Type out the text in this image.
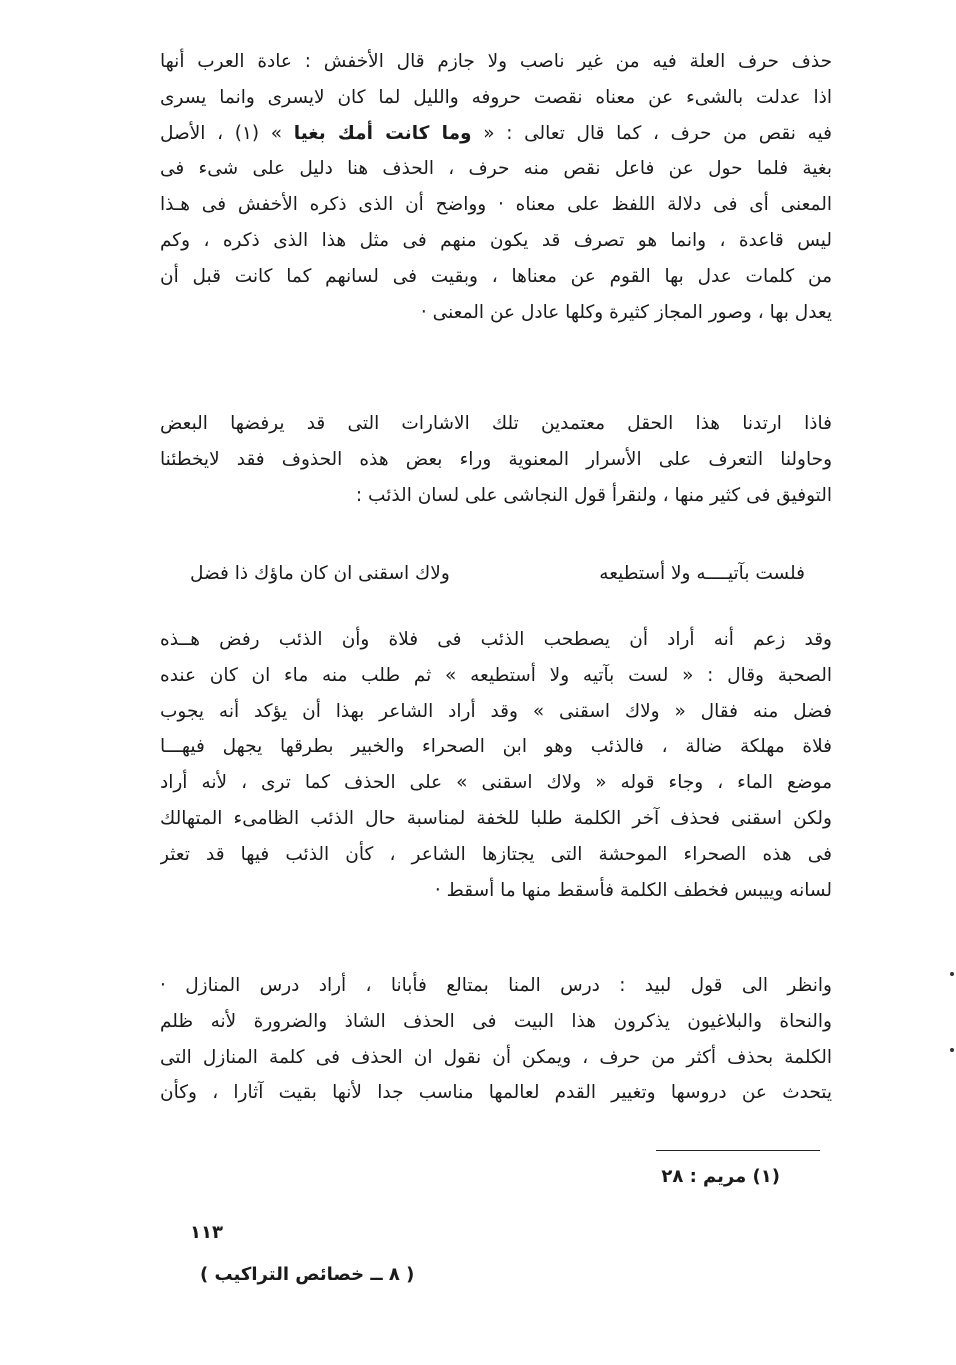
حذف حرف العلة فيه من غير ناصب ولا جازم قال الأخفش : عادة العرب أنها
اذا عدلت بالشىء عن معناه نقصت حروفه والليل لما كان لايسرى وانما يسرى
فيه نقص من حرف ، كما قال تعالى : « وما كانت أمك بغيا » (١) ، الأصل
بغية فلما حول عن فاعل نقص منه حرف ، الحذف هنا دليل على شىء فى
المعنى أى فى دلالة اللفظ على معناه · وواضح أن الذى ذكره الأخفش فى هـذا
ليس قاعدة ، وانما هو تصرف قد يكون منهم فى مثل هذا الذى ذكره ، وكم
من كلمات عدل بها القوم عن معناها ، وبقيت فى لسانهم كما كانت قبل أن
يعدل بها ، وصور المجاز كثيرة وكلها عادل عن المعنى ·
فاذا ارتدنا هذا الحقل معتمدين تلك الاشارات التى قد يرفضها البعض
وحاولنا التعرف على الأسرار المعنوية وراء بعض هذه الحذوف فقد لايخطئنا
التوفيق فى كثير منها ، ولنقرأ قول النجاشى على لسان الذئب :
فلست بآتيــــه ولا أستطيعه
ولاك اسقنى ان كان ماؤك ذا فضل
وقد زعم أنه أراد أن يصطحب الذئب فى فلاة وأن الذئب رفض هــذه
الصحبة وقال : « لست بآتيه ولا أستطيعه » ثم طلب منه ماء ان كان عنده
فضل منه فقال « ولاك اسقنى » وقد أراد الشاعر بهذا أن يؤكد أنه يجوب
فلاة مهلكة ضالة ، فالذئب وهو ابن الصحراء والخبير بطرقها يجهل فيهـــا
موضع الماء ، وجاء قوله « ولاك اسقنى » على الحذف كما ترى ، لأنه أراد
ولكن اسقنى فحذف آخر الكلمة طلبا للخفة لمناسبة حال الذئب الظامىء المتهالك
فى هذه الصحراء الموحشة التى يجتازها الشاعر ، كأن الذئب فيها قد تعثر
لسانه وييبس فخطف الكلمة فأسقط منها ما أسقط ·
وانظر الى قول لبيد : درس المنا بمتالع فأبانا ، أراد درس المنازل ·
والنحاة والبلاغيون يذكرون هذا البيت فى الحذف الشاذ والضرورة لأنه ظلم
الكلمة بحذف أكثر من حرف ، ويمكن أن نقول ان الحذف فى كلمة المنازل التى
يتحدث عن دروسها وتغيير القدم لعالمها مناسب جدا لأنها بقيت آثارا ، وكأن
(١) مريم : ٢٨
١١٣
( ٨ ــ خصائص التراكيب )
